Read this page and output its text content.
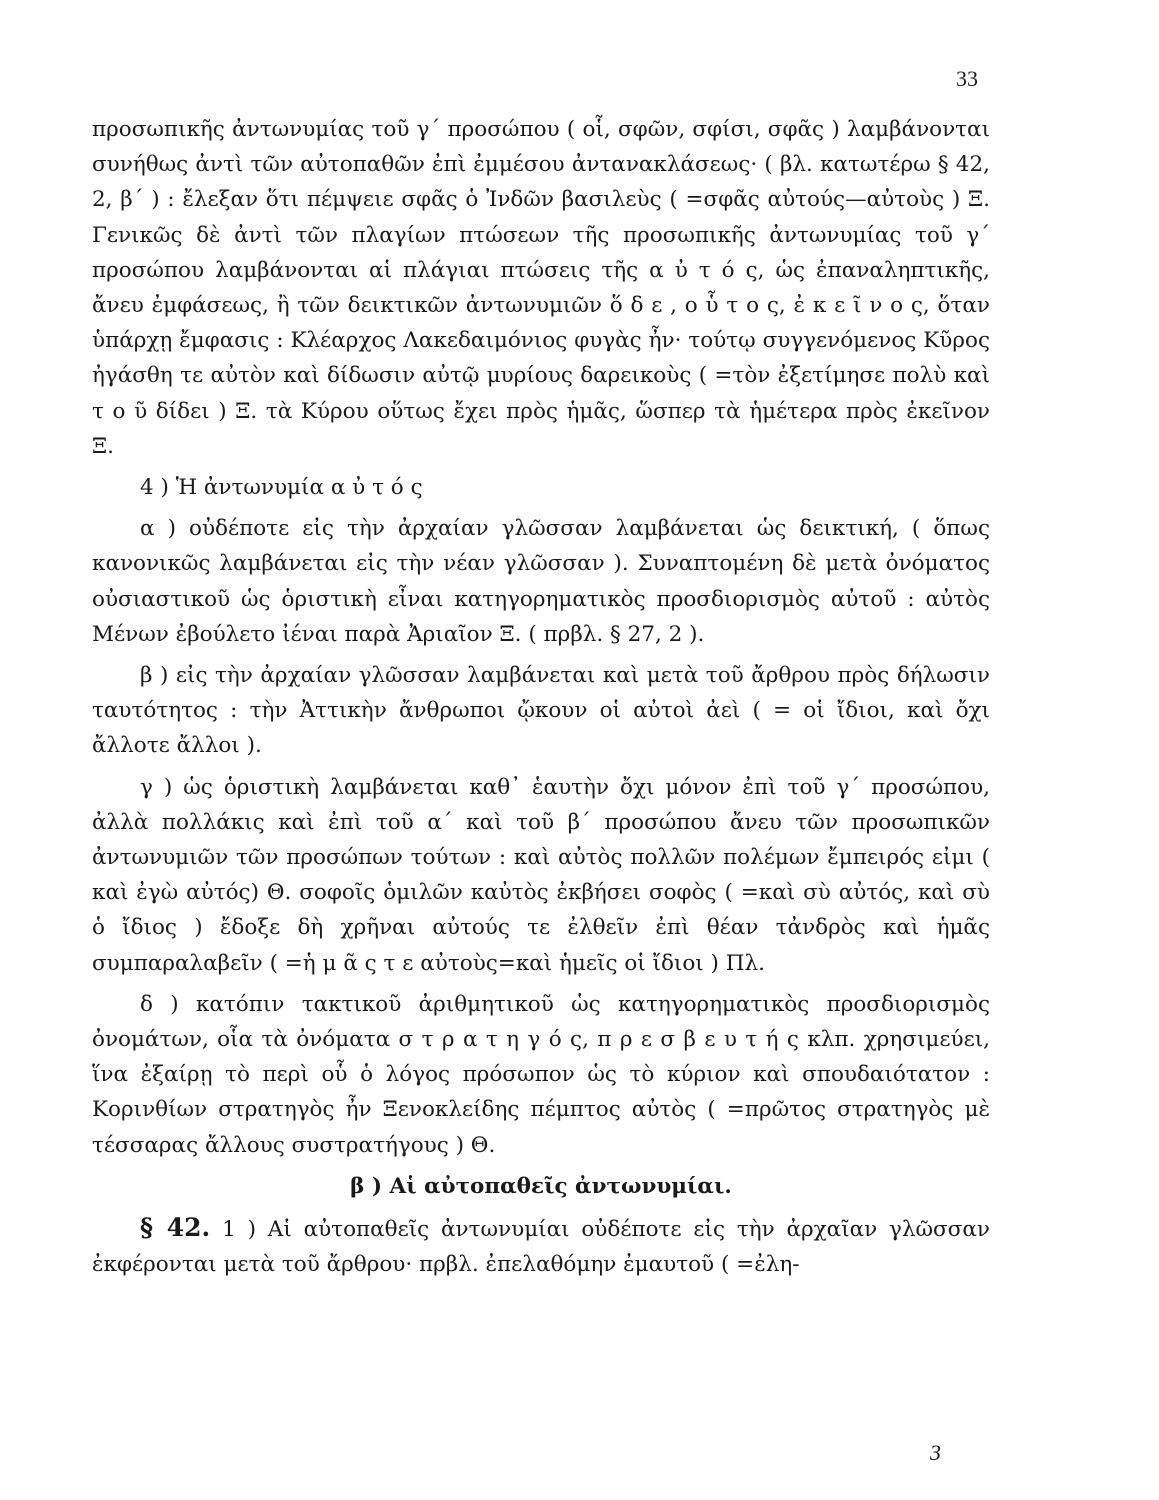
33

προσωπικῆς ἀντωνυμίας τοῦ γ΄ προσώπου ( οἷ, σφῶν, σφίσι, σφᾶς ) λαμβάνονται συνήθως ἀντὶ τῶν αὐτοπαθῶν ἐπὶ ἐμμέσου ἀντανακλάσεως· ( βλ. κατωτέρω § 42, 2, β΄ ) : ἔλεξαν ὅτι πέμψειε σφᾶς ὁ Ἰνδῶν βασιλεὺς ( =σφᾶς αὐτούς—αὐτοὺς ) Ξ. Γενικῶς δὲ ἀντὶ τῶν πλαγίων πτώσεων τῆς προσωπικῆς ἀντωνυμίας τοῦ γ΄ προσώπου λαμβάνονται αἱ πλάγιαι πτώσεις τῆς α ὐ τ ό ς, ὡς ἐπαναληπτικῆς, ἄνευ ἐμφάσεως, ἢ τῶν δεικτικῶν ἀντωνυμιῶν ὅ δ ε , ο ὗ τ ο ς, ἐ κ ε ῖ ν ο ς, ὅταν ὑπάρχῃ ἔμφασις : Κλέαρχος Λακεδαιμόνιος φυγὰς ἦν· τούτῳ συγγενόμενος Κῦρος ἠγάσθη τε αὐτὸν καὶ δίδωσιν αὐτῷ μυρίους δαρεικοὺς ( =τὸν ἐξετίμησε πολὺ καὶ τ ο ῦ δίδει ) Ξ. τὰ Κύρου οὕτως ἔχει πρὸς ἡμᾶς, ὥσπερ τὰ ἡμέτερα πρὸς ἐκεῖνον Ξ.

4 ) Ἡ ἀντωνυμία α ὐ τ ό ς

α ) οὐδέποτε εἰς τὴν ἀρχαίαν γλῶσσαν λαμβάνεται ὡς δεικτική, ( ὅπως κανονικῶς λαμβάνεται εἰς τὴν νέαν γλῶσσαν ). Συναπτομένη δὲ μετὰ ὀνόματος οὐσιαστικοῦ ὡς ὁριστικὴ εἶναι κατηγορηματικὸς προσδιορισμὸς αὐτοῦ : αὐτὸς Μένων ἐβούλετο ἰέναι παρὰ Ἀριαῖον Ξ. ( πρβλ. § 27, 2 ).

β ) εἰς τὴν ἀρχαίαν γλῶσσαν λαμβάνεται καὶ μετὰ τοῦ ἄρθρου πρὸς δήλωσιν ταυτότητος : τὴν Ἀττικὴν ἄνθρωποι ᾤκουν οἱ αὐτοὶ ἀεὶ ( = οἱ ἴδιοι, καὶ ὄχι ἄλλοτε ἄλλοι ).

γ ) ὡς ὁριστικὴ λαμβάνεται καθ᾽ ἑαυτὴν ὄχι μόνον ἐπὶ τοῦ γ΄ προσώπου, ἀλλὰ πολλάκις καὶ ἐπὶ τοῦ α΄ καὶ τοῦ β΄ προσώπου ἄνευ τῶν προσωπικῶν ἀντωνυμιῶν τῶν προσώπων τούτων : καὶ αὐτὸς πολλῶν πολέμων ἔμπειρός εἰμι ( καὶ ἐγὼ αὐτός) Θ. σοφοῖς ὁμιλῶν καὐτὸς ἐκβήσει σοφὸς ( =καὶ σὺ αὐτός, καὶ σὺ ὁ ἴδιος ) ἔδοξε δὴ χρῆναι αὐτούς τε ἐλθεῖν ἐπὶ θέαν τἀνδρὸς καὶ ἡμᾶς συμπαραλαβεῖν ( =ἡ μ ᾶ ς τ ε αὐτοὺς=καὶ ἡμεῖς οἱ ἴδιοι ) Πλ.

δ ) κατόπιν τακτικοῦ ἀριθμητικοῦ ὡς κατηγορηματικὸς προσδιορισμὸς ὀνομάτων, οἷα τὰ ὀνόματα σ τ ρ α τ η γ ό ς, π ρ ε σ β ε υ τ ή ς κλπ. χρησιμεύει, ἵνα ἐξαίρῃ τὸ περὶ οὗ ὁ λόγος πρόσωπον ὡς τὸ κύριον καὶ σπουδαιότατον : Κορινθίων στρατηγὸς ἦν Ξενοκλείδης πέμπτος αὐτὸς ( =πρῶτος στρατηγὸς μὲ τέσσαρας ἄλλους συστρατήγους ) Θ.

β ) Αἱ αὐτοπαθεῖς ἀντωνυμίαι.

§ 42. 1 ) Αἱ αὐτοπαθεῖς ἀντωνυμίαι οὐδέποτε εἰς τὴν ἀρχαῖαν γλῶσσαν ἐκφέρονται μετὰ τοῦ ἄρθρου· πρβλ. ἐπελαθόμην ἐμαυτοῦ ( =ἐλη-

3
